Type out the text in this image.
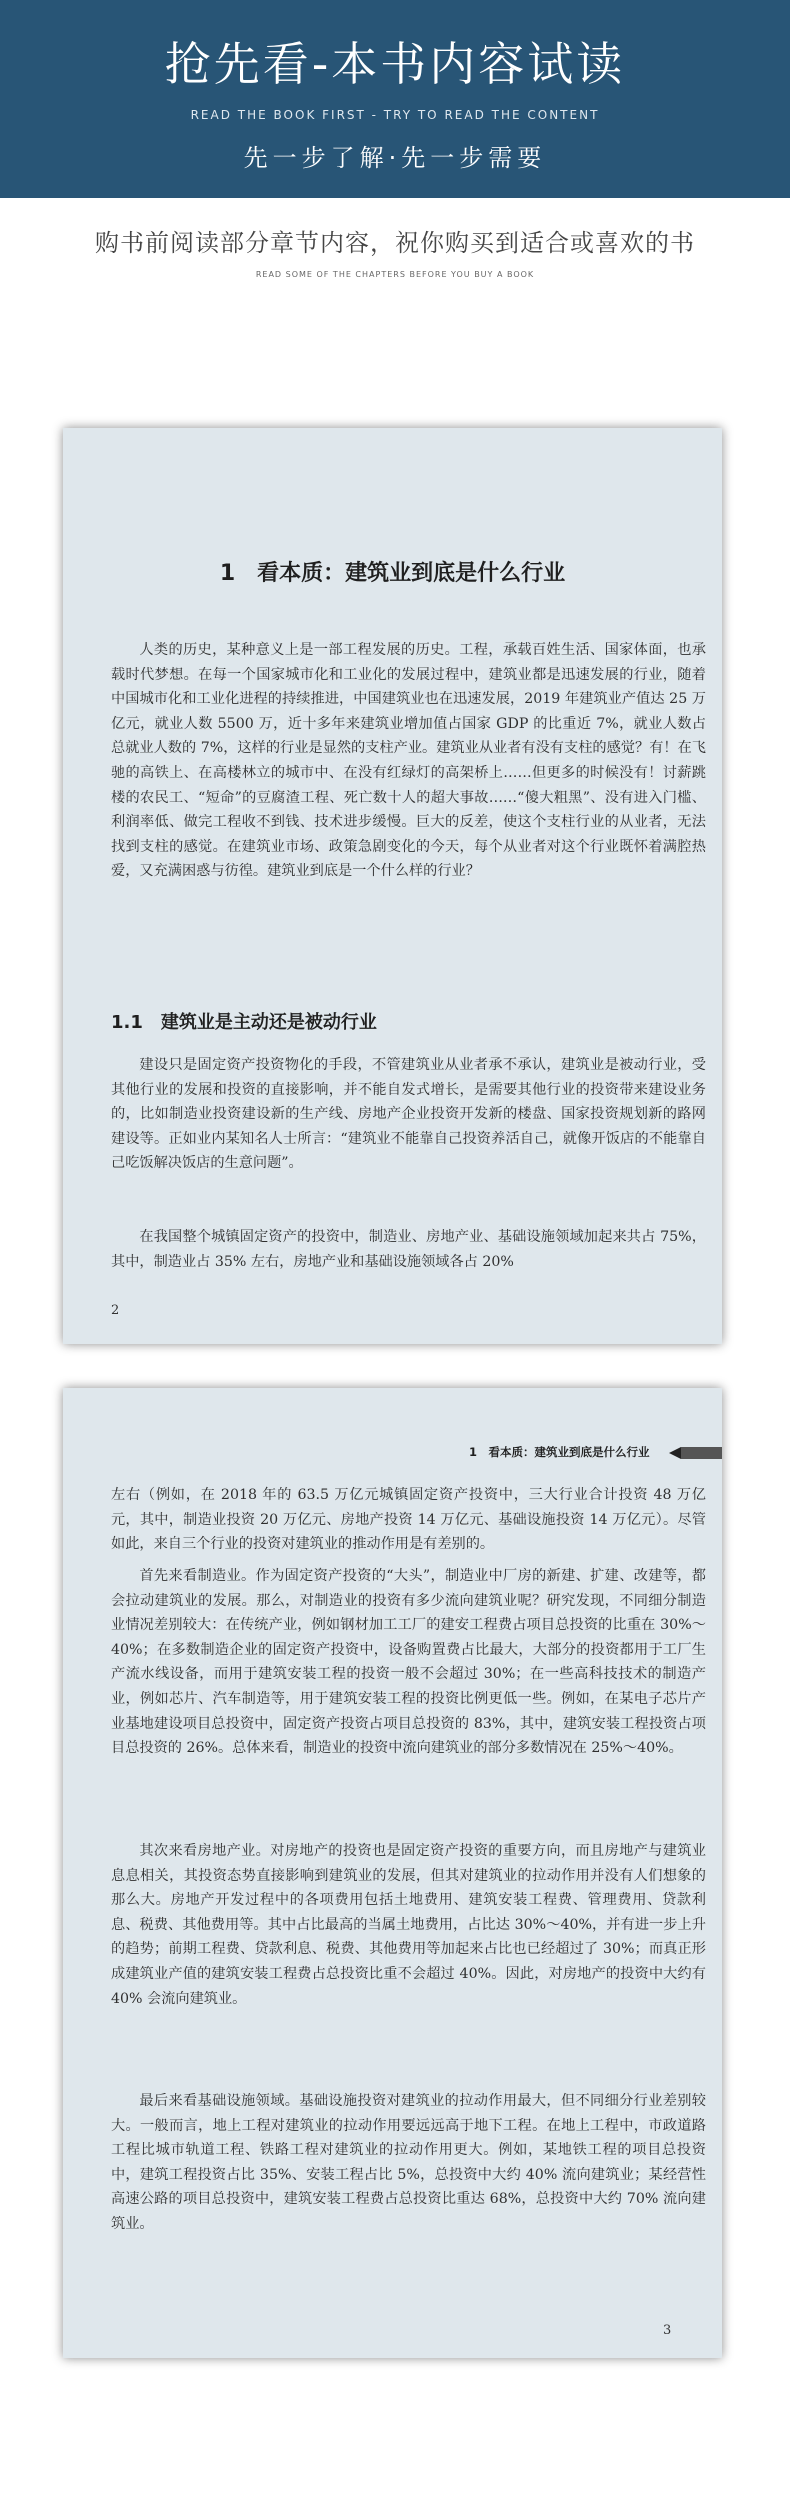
抢先看-本书内容试读
READ THE BOOK FIRST - TRY TO READ THE CONTENT
先一步了解·先一步需要
购书前阅读部分章节内容，祝你购买到适合或喜欢的书
READ SOME OF THE CHAPTERS BEFORE YOU BUY A BOOK
1　看本质：建筑业到底是什么行业
人类的历史，某种意义上是一部工程发展的历史。工程，承载百姓生活、国家体面，也承载时代梦想。在每一个国家城市化和工业化的发展过程中，建筑业都是迅速发展的行业，随着中国城市化和工业化进程的持续推进，中国建筑业也在迅速发展，2019 年建筑业产值达 25 万亿元，就业人数 5500 万，近十多年来建筑业增加值占国家 GDP 的比重近 7%，就业人数占总就业人数的 7%，这样的行业是显然的支柱产业。建筑业从业者有没有支柱的感觉？有！在飞驰的高铁上、在高楼林立的城市中、在没有红绿灯的高架桥上……但更多的时候没有！讨薪跳楼的农民工、“短命”的豆腐渣工程、死亡数十人的超大事故……“傻大粗黑”、没有进入门槛、利润率低、做完工程收不到钱、技术进步缓慢。巨大的反差，使这个支柱行业的从业者，无法找到支柱的感觉。在建筑业市场、政策急剧变化的今天，每个从业者对这个行业既怀着满腔热爱，又充满困惑与彷徨。建筑业到底是一个什么样的行业？
1.1　建筑业是主动还是被动行业
建设只是固定资产投资物化的手段，不管建筑业从业者承不承认，建筑业是被动行业，受其他行业的发展和投资的直接影响，并不能自发式增长，是需要其他行业的投资带来建设业务的，比如制造业投资建设新的生产线、房地产企业投资开发新的楼盘、国家投资规划新的路网建设等。正如业内某知名人士所言：“建筑业不能靠自己投资养活自己，就像开饭店的不能靠自己吃饭解决饭店的生意问题”。
在我国整个城镇固定资产的投资中，制造业、房地产业、基础设施领域加起来共占 75%，其中，制造业占 35% 左右，房地产业和基础设施领域各占 20%
2
1　看本质：建筑业到底是什么行业
左右（例如，在 2018 年的 63.5 万亿元城镇固定资产投资中，三大行业合计投资 48 万亿元，其中，制造业投资 20 万亿元、房地产投资 14 万亿元、基础设施投资 14 万亿元）。尽管如此，来自三个行业的投资对建筑业的推动作用是有差别的。
首先来看制造业。作为固定资产投资的“大头”，制造业中厂房的新建、扩建、改建等，都会拉动建筑业的发展。那么，对制造业的投资有多少流向建筑业呢？研究发现，不同细分制造业情况差别较大：在传统产业，例如钢材加工工厂的建安工程费占项目总投资的比重在 30%～40%；在多数制造企业的固定资产投资中，设备购置费占比最大，大部分的投资都用于工厂生产流水线设备，而用于建筑安装工程的投资一般不会超过 30%；在一些高科技技术的制造产业，例如芯片、汽车制造等，用于建筑安装工程的投资比例更低一些。例如，在某电子芯片产业基地建设项目总投资中，固定资产投资占项目总投资的 83%，其中，建筑安装工程投资占项目总投资的 26%。总体来看，制造业的投资中流向建筑业的部分多数情况在 25%～40%。
其次来看房地产业。对房地产的投资也是固定资产投资的重要方向，而且房地产与建筑业息息相关，其投资态势直接影响到建筑业的发展，但其对建筑业的拉动作用并没有人们想象的那么大。房地产开发过程中的各项费用包括土地费用、建筑安装工程费、管理费用、贷款利息、税费、其他费用等。其中占比最高的当属土地费用，占比达 30%～40%，并有进一步上升的趋势；前期工程费、贷款利息、税费、其他费用等加起来占比也已经超过了 30%；而真正形成建筑业产值的建筑安装工程费占总投资比重不会超过 40%。因此，对房地产的投资中大约有 40% 会流向建筑业。
最后来看基础设施领域。基础设施投资对建筑业的拉动作用最大，但不同细分行业差别较大。一般而言，地上工程对建筑业的拉动作用要远远高于地下工程。在地上工程中，市政道路工程比城市轨道工程、铁路工程对建筑业的拉动作用更大。例如，某地铁工程的项目总投资中，建筑工程投资占比 35%、安装工程占比 5%，总投资中大约 40% 流向建筑业；某经营性高速公路的项目总投资中，建筑安装工程费占总投资比重达 68%，总投资中大约 70% 流向建筑业。
3
